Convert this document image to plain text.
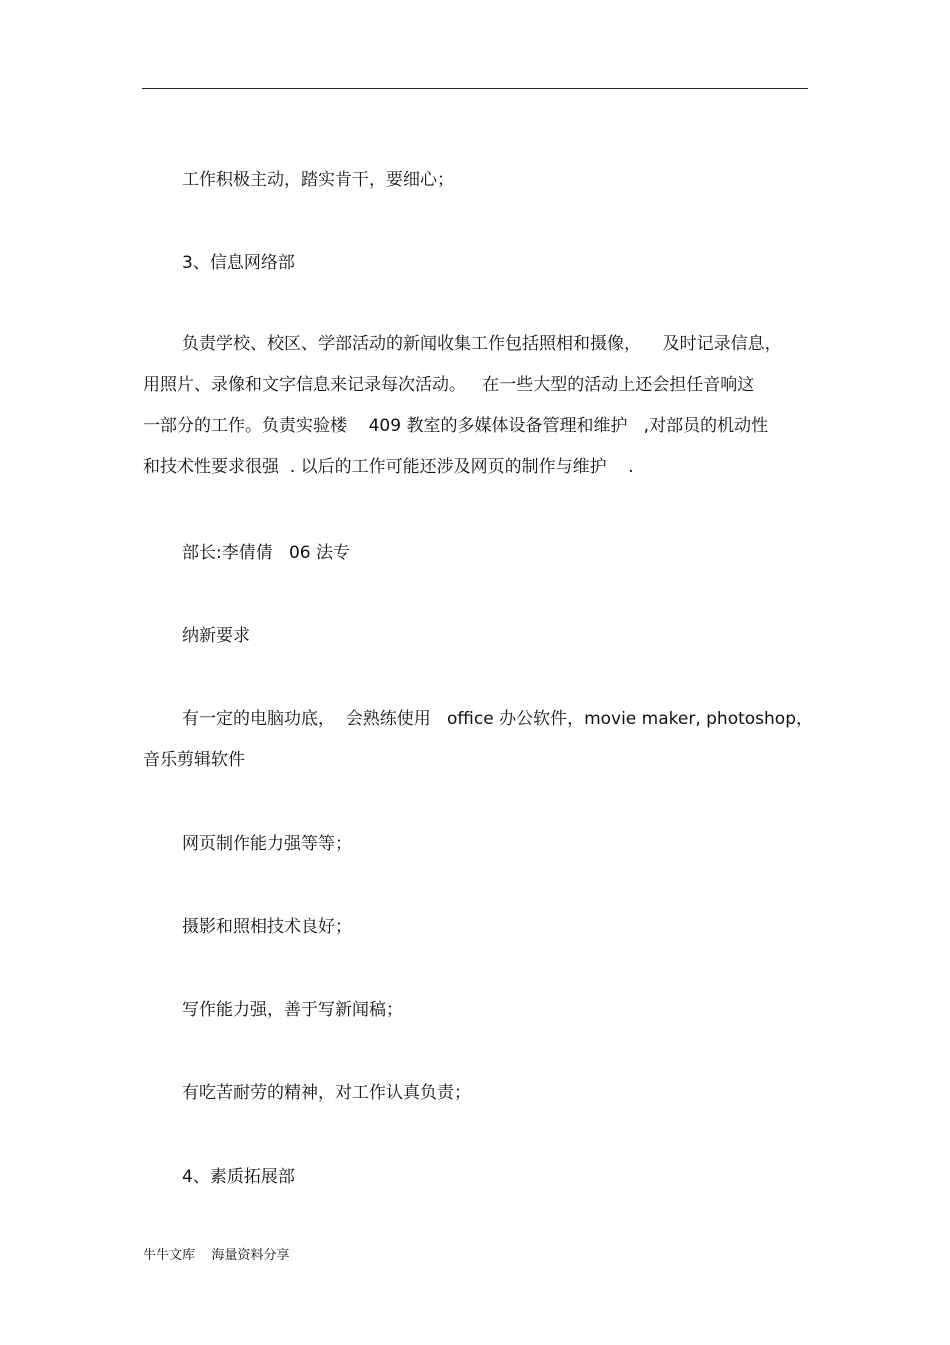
工作积极主动，踏实肯干，要细心；
3、信息网络部
负责学校、校区、学部活动的新闻收集工作包括照相和摄像，    及时记录信息，
用照片、录像和文字信息来记录每次活动。   在一些大型的活动上还会担任音响这
一部分的工作。负责实验楼    409 教室的多媒体设备管理和维护   ,对部员的机动性
和技术性要求很强  . 以后的工作可能还涉及网页的制作与维护    .
部长:李倩倩   06 法专
纳新要求
有一定的电脑功底，  会熟练使用   office 办公软件，movie maker, photoshop，
音乐剪辑软件
网页制作能力强等等；
摄影和照相技术良好；
写作能力强，善于写新闻稿；
有吃苦耐劳的精神，对工作认真负责；
4、素质拓展部
牛牛文库    海量资料分享
